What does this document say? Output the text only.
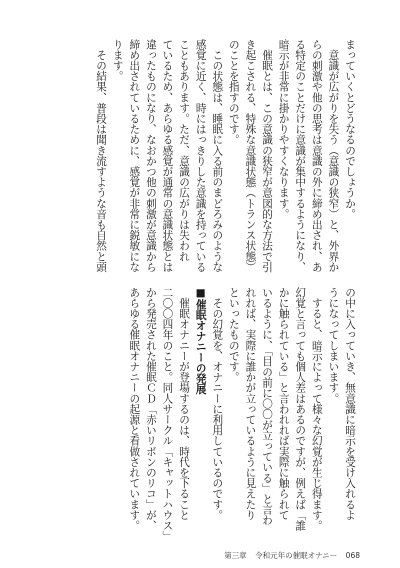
まっていくとどうなるのでしょうか。

　意識が広がりを失う（意識の狭窄）と、外界か

らの刺激や他の思考は意識の外に締め出され、あ

る特定のことだけに意識が集中するようになり、

暗示が非常に掛かりやすくなります。

　催眠とは、この意識の狭窄が意図的な方法で引

き起こされる、特殊な意識状態（トランス状態）

のことを指すのです。

　この状態は、睡眠に入る前のまどろみのような

感覚に近く、時にはっきりした意識を持っている

こともあります。ただ、意識の広がりは失われ

ているため、あらゆる感覚が通常の意識状態とは

違ったものになり、なおかつ他の刺激が意識から

締め出されているために、感覚が非常に鋭敏にな

ります。

　その結果、普段は聞き流すような音も自然と頭

の中に入っていき、無意識に暗示を受け入れるよ

うになってしまいます。

　すると、暗示によって様々な幻覚が生じ得ます。

幻覚と言っても個人差はあるのですが、例えば「誰

かに触られている」と言われれば実際に触られて

いるように、「目の前に〇〇が立っている」と言わ

れれば、実際に誰かが立っているように見えたり

といったものです。

　その幻覚を、オナニーに利用しているのです。

■催眠オナニーの発展

　催眠オナニーが登場するのは、時代を下ること

二〇〇四年のこと。同人サークル「キャットハウス」

から発売された催眠ＣＤ「赤いリボンのリコ」が、

あらゆる催眠オナニーの起源と看做されています。

第三章 令和元年の催眠オナニー 068
